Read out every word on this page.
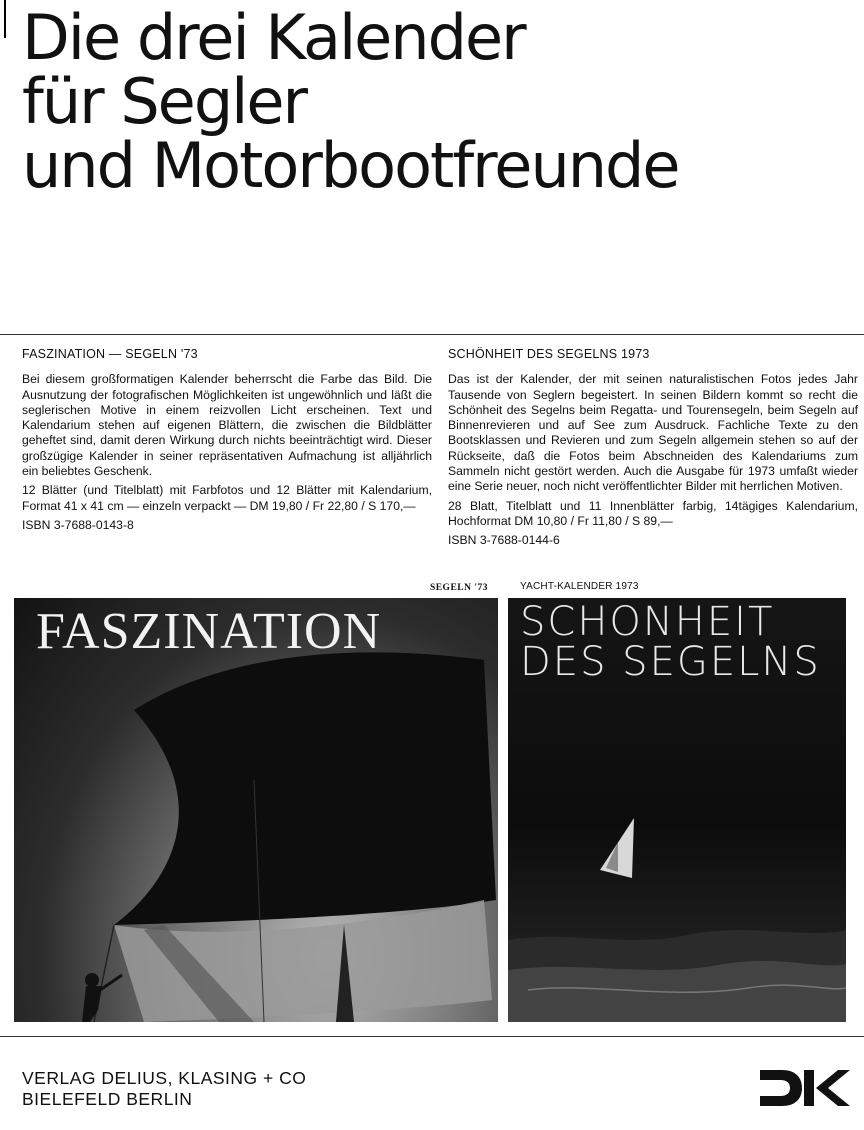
Die drei Kalender
für Segler
und Motorbootfreunde
FASZINATION — SEGELN '73

Bei diesem großformatigen Kalender beherrscht die Farbe das Bild. Die Ausnutzung der fotografischen Möglichkeiten ist ungewöhnlich und läßt die seglerischen Motive in einem reizvollen Licht erscheinen. Text und Kalendarium stehen auf eigenen Blättern, die zwischen die Bildblätter geheftet sind, damit deren Wirkung durch nichts beeinträchtigt wird. Dieser großzügige Kalender in seiner repräsentativen Aufmachung ist alljährlich ein beliebtes Geschenk.

12 Blätter (und Titelblatt) mit Farbfotos und 12 Blätter mit Kalendarium, Format 41 x 41 cm — einzeln verpackt — DM 19,80 / Fr 22,80 / S 170,—

ISBN 3-7688-0143-8

SCHÖNHEIT DES SEGELNS 1973

Das ist der Kalender, der mit seinen naturalistischen Fotos jedes Jahr Tausende von Seglern begeistert. In seinen Bildern kommt so recht die Schönheit des Segelns beim Regatta- und Tourensegeln, beim Segeln auf Binnenrevieren und auf See zum Ausdruck. Fachliche Texte zu den Bootsklassen und Revieren und zum Segeln allgemein stehen so auf der Rückseite, daß die Fotos beim Abschneiden des Kalendariums zum Sammeln nicht gestört werden. Auch die Ausgabe für 1973 umfaßt wieder eine Serie neuer, noch nicht veröffentlichter Bilder mit herrlichen Motiven.

28 Blatt, Titelblatt und 11 Innenblätter farbig, 14tägiges Kalendarium, Hochformat DM 10,80 / Fr 11,80 / S 89,—

ISBN 3-7688-0144-6

SEGELN '73
FASZINATION
YACHT-KALENDER 1973
SCHONHEIT
DES SEGELNS
VERLAG DELIUS, KLASING + CO
BIELEFELD BERLIN
